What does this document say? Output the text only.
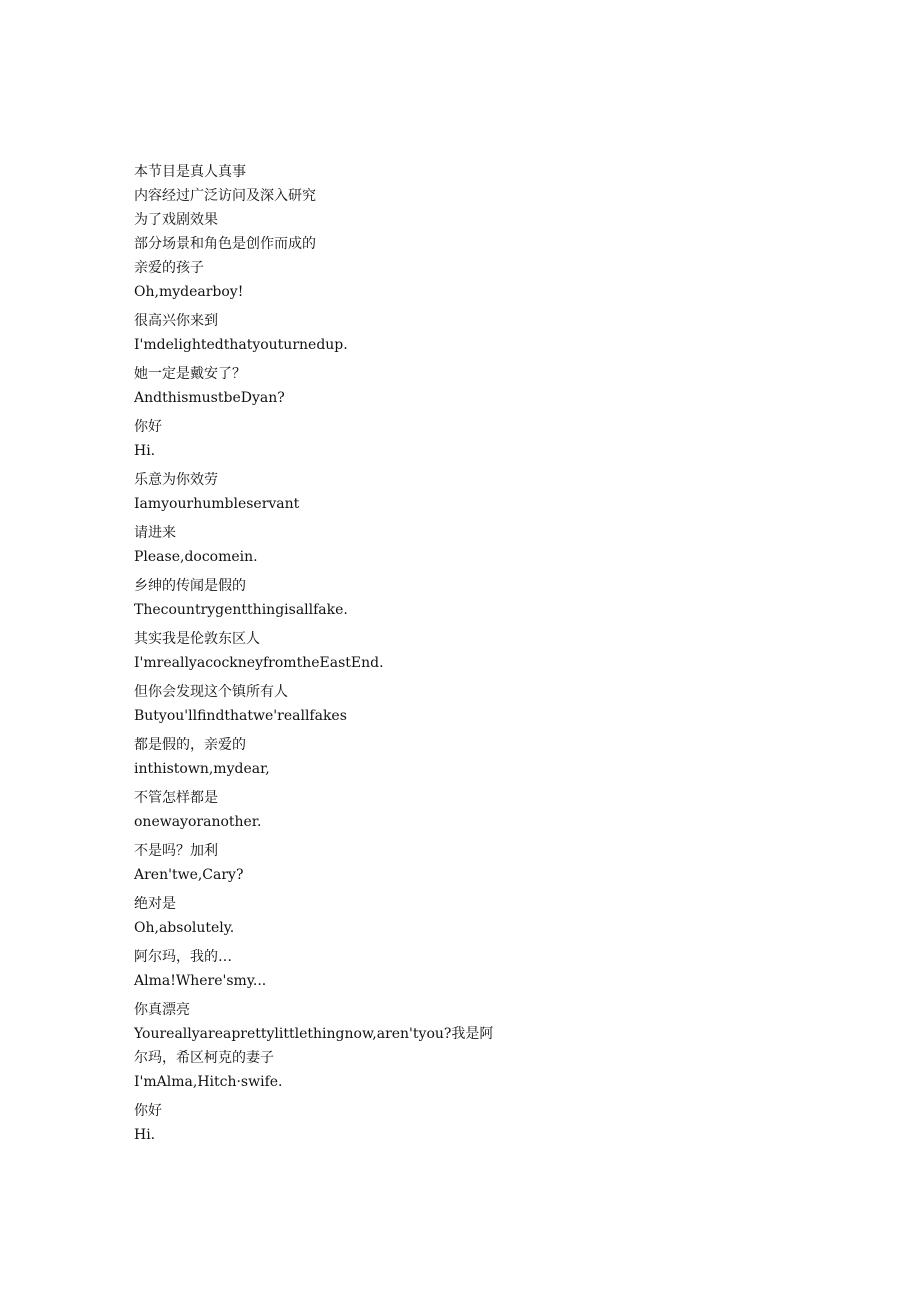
本节目是真人真事
内容经过广泛访问及深入研究
为了戏剧效果
部分场景和角色是创作而成的
亲爱的孩子
Oh,mydearboy!
很高兴你来到
I'mdelightedthatyouturnedup.
她一定是戴安了？
AndthismustbeDyan?
你好
Hi.
乐意为你效劳
Iamyourhumbleservant
请进来
Please,docomein.
乡绅的传闻是假的
Thecountrygentthingisallfake.
其实我是伦敦东区人
I'mreallyacockneyfromtheEastEnd.
但你会发现这个镇所有人
Butyou'llfindthatwe'reallfakes
都是假的，亲爱的
inthistown,mydear,
不管怎样都是
onewayoranother.
不是吗？加利
Aren'twe,Cary?
绝对是
Oh,absolutely.
阿尔玛，我的…
Alma!Where'smy...
你真漂亮
Youreallyareaprettylittlethingnow,aren'tyou?我是阿
尔玛，希区柯克的妻子
I'mAlma,Hitch·swife.
你好
Hi.
